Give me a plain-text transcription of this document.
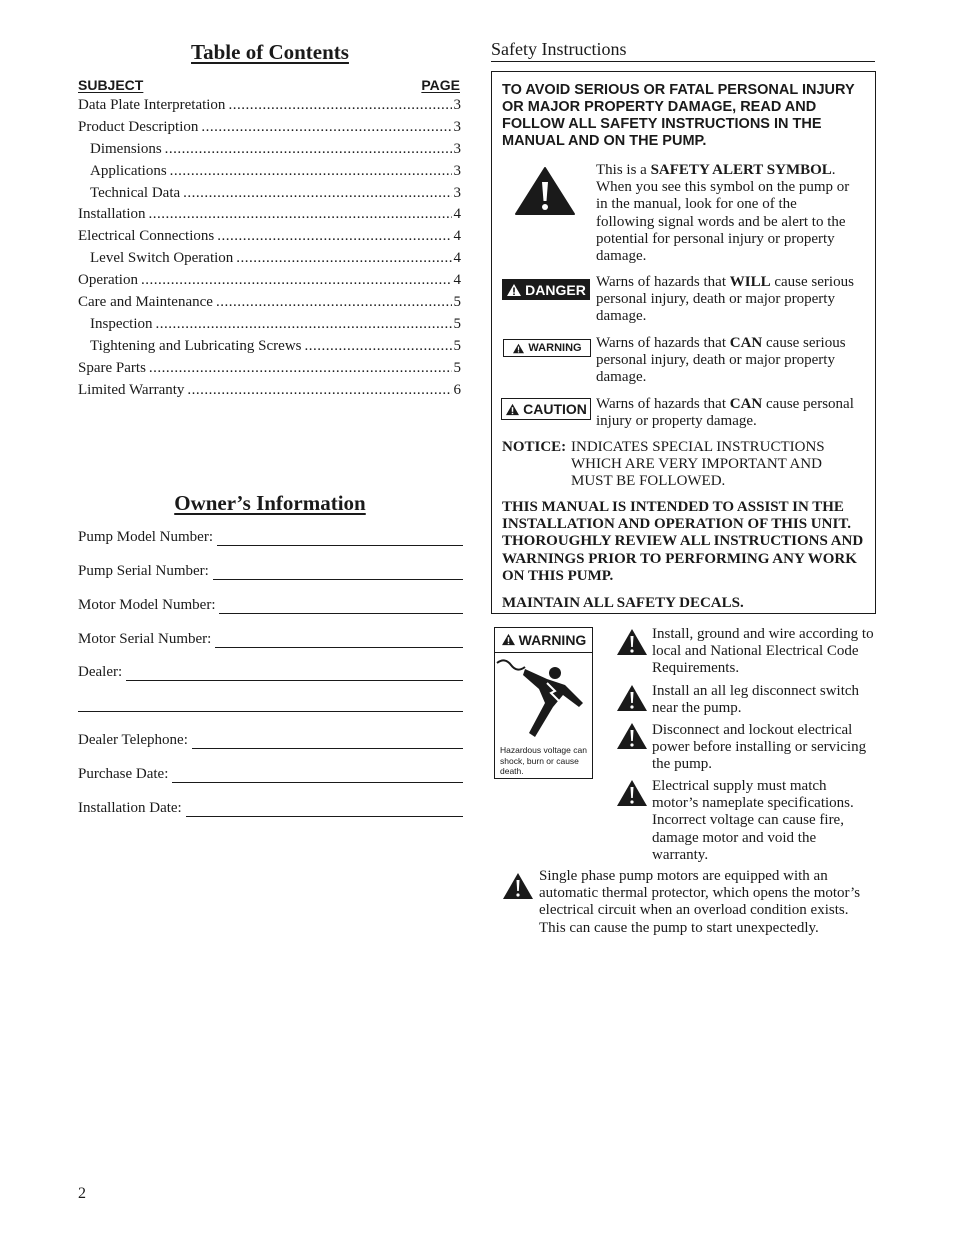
Table of Contents
SUBJECT	PAGE
Data Plate Interpretation .....	3
Product Description .....	3
Dimensions .....	3
Applications .....	3
Technical Data .....	3
Installation .....	4
Electrical Connections .....	4
Level Switch Operation .....	4
Operation .....	4
Care and Maintenance .....	5
Inspection .....	5
Tightening and Lubricating Screws .....	5
Spare Parts .....	5
Limited Warranty .....	6
Owner’s Information
Pump Model Number:
Pump Serial Number:
Motor Model Number:
Motor Serial Number:
Dealer:
Dealer Telephone:
Purchase Date:
Installation Date:
2
Safety Instructions
TO AVOID SERIOUS OR FATAL PERSONAL INJURY OR MAJOR PROPERTY DAMAGE, READ AND FOLLOW ALL SAFETY INSTRUCTIONS IN THE MANUAL AND ON THE PUMP.
This is a SAFETY ALERT SYMBOL. When you see this symbol on the pump or in the manual, look for one of the following signal words and be alert to the potential for personal injury or property damage.
DANGER Warns of hazards that WILL cause serious personal injury, death or major property damage.
WARNING Warns of hazards that CAN cause serious personal injury, death or major property damage.
CAUTION Warns of hazards that CAN cause personal injury or property damage.
NOTICE: INDICATES SPECIAL INSTRUCTIONS WHICH ARE VERY IMPORTANT AND MUST BE FOLLOWED.
THIS MANUAL IS INTENDED TO ASSIST IN THE INSTALLATION AND OPERATION OF THIS UNIT. THOROUGHLY REVIEW ALL INSTRUCTIONS AND WARNINGS PRIOR TO PERFORMING ANY WORK ON THIS PUMP.
MAINTAIN ALL SAFETY DECALS.
WARNING
Hazardous voltage can shock, burn or cause death.
Install, ground and wire according to local and National Electrical Code Requirements.
Install an all leg disconnect switch near the pump.
Disconnect and lockout electrical power before installing or servicing the pump.
Electrical supply must match motor’s nameplate specifications. Incorrect voltage can cause fire, damage motor and void the warranty.
Single phase pump motors are equipped with an automatic thermal protector, which opens the motor’s electrical circuit when an overload condition exists. This can cause the pump to start unexpectedly.
